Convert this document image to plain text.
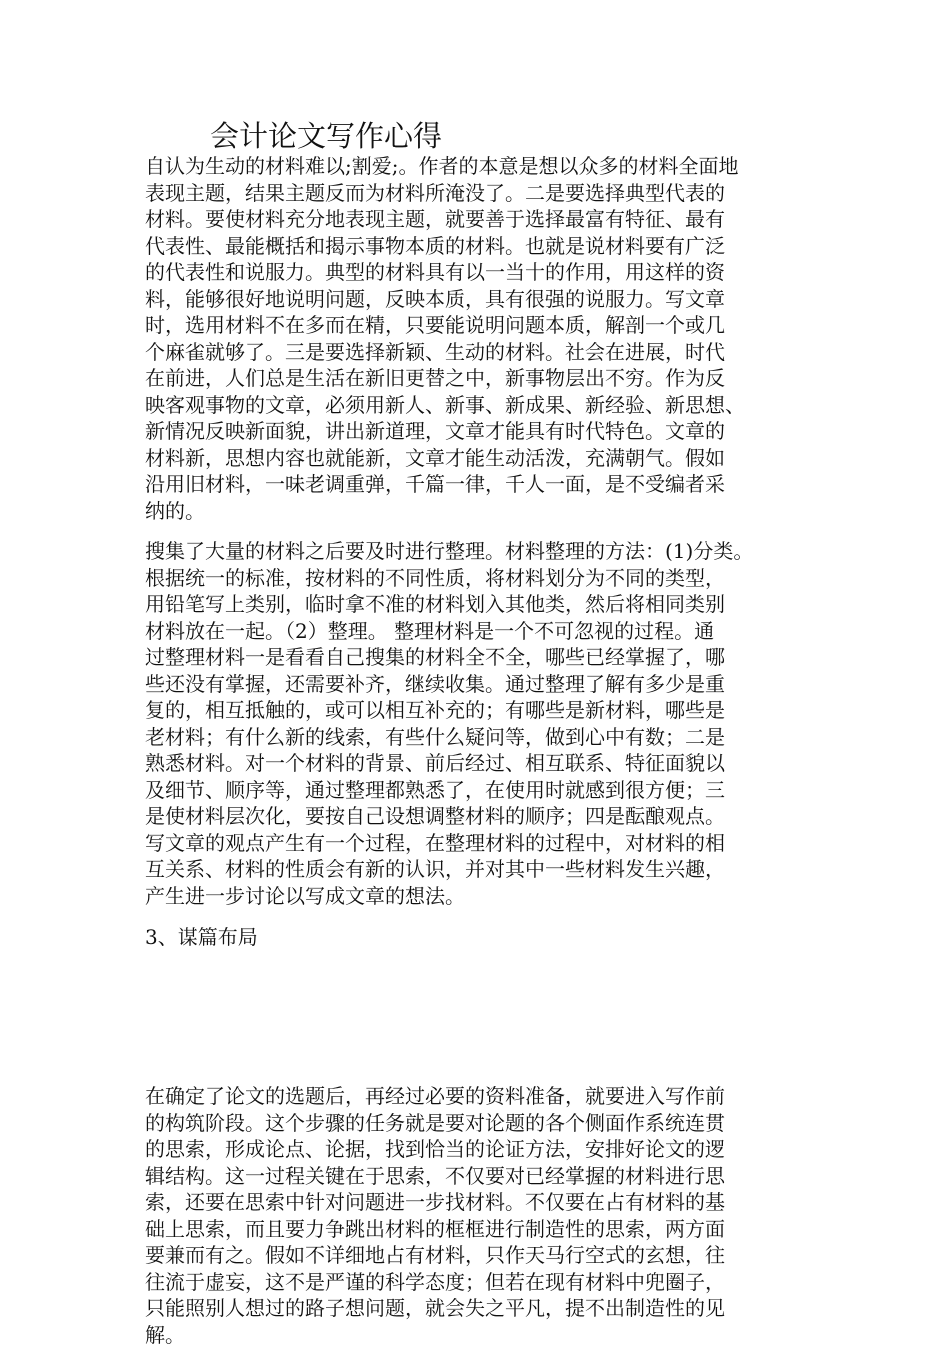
会计论文写作心得

自认为生动的材料难以;割爱;。作者的本意是想以众多的材料全面地
表现主题，结果主题反而为材料所淹没了。二是要选择典型代表的
材料。要使材料充分地表现主题，就要善于选择最富有特征、最有
代表性、最能概括和揭示事物本质的材料。也就是说材料要有广泛
的代表性和说服力。典型的材料具有以一当十的作用，用这样的资
料，能够很好地说明问题，反映本质，具有很强的说服力。写文章
时，选用材料不在多而在精，只要能说明问题本质，解剖一个或几
个麻雀就够了。三是要选择新颖、生动的材料。社会在进展，时代
在前进，人们总是生活在新旧更替之中，新事物层出不穷。作为反
映客观事物的文章，必须用新人、新事、新成果、新经验、新思想、
新情况反映新面貌，讲出新道理，文章才能具有时代特色。文章的
材料新，思想内容也就能新，文章才能生动活泼，充满朝气。假如
沿用旧材料，一味老调重弹，千篇一律，千人一面，是不受编者采
纳的。

搜集了大量的材料之后要及时进行整理。材料整理的方法：(1)分类。
根据统一的标准，按材料的不同性质，将材料划分为不同的类型，
用铅笔写上类别，临时拿不准的材料划入其他类，然后将相同类别
材料放在一起。（2）整理。 整理材料是一个不可忽视的过程。通
过整理材料一是看看自己搜集的材料全不全，哪些已经掌握了，哪
些还没有掌握，还需要补齐，继续收集。通过整理了解有多少是重
复的，相互抵触的，或可以相互补充的；有哪些是新材料，哪些是
老材料；有什么新的线索，有些什么疑问等，做到心中有数；二是
熟悉材料。对一个材料的背景、前后经过、相互联系、特征面貌以
及细节、顺序等，通过整理都熟悉了，在使用时就感到很方便；三
是使材料层次化，要按自己设想调整材料的顺序；四是酝酿观点。
写文章的观点产生有一个过程，在整理材料的过程中，对材料的相
互关系、材料的性质会有新的认识，并对其中一些材料发生兴趣，
产生进一步讨论以写成文章的想法。

3、谋篇布局

在确定了论文的选题后，再经过必要的资料准备，就要进入写作前
的构筑阶段。这个步骤的任务就是要对论题的各个侧面作系统连贯
的思索，形成论点、论据，找到恰当的论证方法，安排好论文的逻
辑结构。这一过程关键在于思索，不仅要对已经掌握的材料进行思
索，还要在思索中针对问题进一步找材料。不仅要在占有材料的基
础上思索，而且要力争跳出材料的框框进行制造性的思索，两方面
要兼而有之。假如不详细地占有材料，只作天马行空式的玄想，往
往流于虚妄，这不是严谨的科学态度；但若在现有材料中兜圈子，
只能照别人想过的路子想问题，就会失之平凡，提不出制造性的见
解。
